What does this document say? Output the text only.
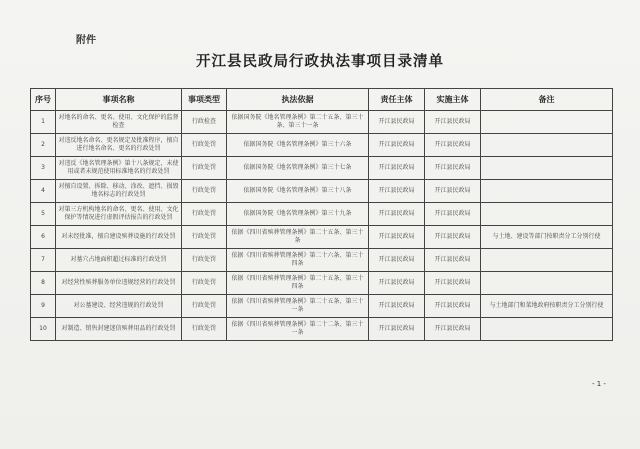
附件
开江县民政局行政执法事项目录清单
序号	事项名称	事项类型	执法依据	责任主体	实施主体	备注
1	对地名的命名、更名、使用、文化保护的监督检查	行政检查	依据国务院《地名管理条例》第二十五条、第三十条、第三十一条	开江县民政局	开江县民政局	
2	对违反地名命名、更名规定及批准程序，擅自进行地名命名、更名的行政处罚	行政处罚	依据国务院《地名管理条例》第三十六条	开江县民政局	开江县民政局	
3	对违反《地名管理条例》第十八条规定，未使用或者未规范使用标准地名的行政处罚	行政处罚	依据国务院《地名管理条例》第三十七条	开江县民政局	开江县民政局	
4	对擅自设置、拆除、移动、涂改、遮挡、损毁地名标志的行政处罚	行政处罚	依据国务院《地名管理条例》第三十八条	开江县民政局	开江县民政局	
5	对第三方机构地名的命名、更名、使用、文化保护等情况进行虚假评估报告的行政处罚	行政处罚	依据国务院《地名管理条例》第三十九条	开江县民政局	开江县民政局	
6	对未经批准，擅自建设殡葬设施的行政处罚	行政处罚	依据《四川省殡葬管理条例》第二十五条、第三十条	开江县民政局	开江县民政局	与土地、建设等部门按职责分工分别行使
7	对墓穴占地面积超过标准的行政处罚	行政处罚	依据《四川省殡葬管理条例》第二十六条、第三十四条	开江县民政局	开江县民政局	
8	对经营性殡葬服务单位违规经营的行政处罚	行政处罚	依据《四川省殡葬管理条例》第二十五条、第三十四条	开江县民政局	开江县民政局	
9	对公墓建设、经营违规的行政处罚	行政处罚	依据《四川省殡葬管理条例》第二十五条、第三十一条	开江县民政局	开江县民政局	与土地部门和菜地政府按职责分工分别行使
10	对制造、销售封建迷信殡葬用品的行政处罚	行政处罚	依据《四川省殡葬管理条例》第二十二条、第三十一条	开江县民政局	开江县民政局	
- 1 -
